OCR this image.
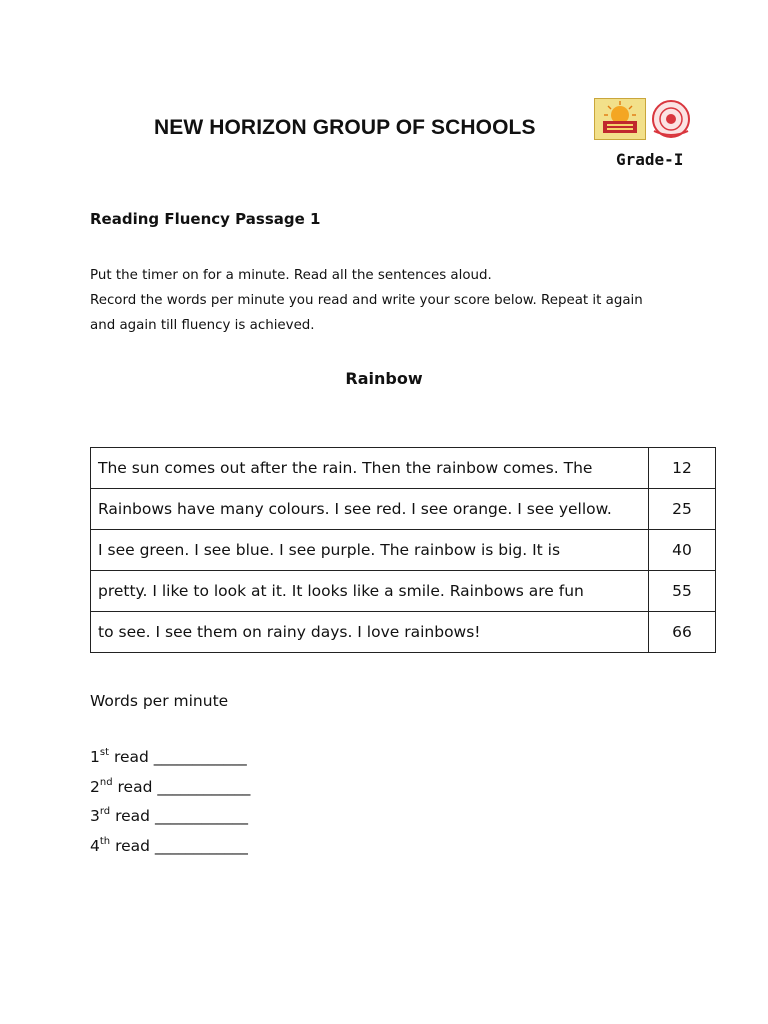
NEW HORIZON GROUP OF SCHOOLS

Grade-I

Reading Fluency Passage 1
Put the timer on for a minute. Read all the sentences aloud.
Record the words per minute you read and write your score below. Repeat it again
and again till fluency is achieved.
Rainbow
The sun comes out after the rain. Then the rainbow comes. The	12
Rainbows have many colours. I see red. I see orange. I see yellow.	25
I see green. I see blue. I see purple. The rainbow is big. It is	40
pretty. I like to look at it. It looks like a smile. Rainbows are fun	55
to see. I see them on rainy days. I love rainbows!	66

Words per minute

1st read ____________
2nd read ____________
3rd read ____________
4th read ____________
